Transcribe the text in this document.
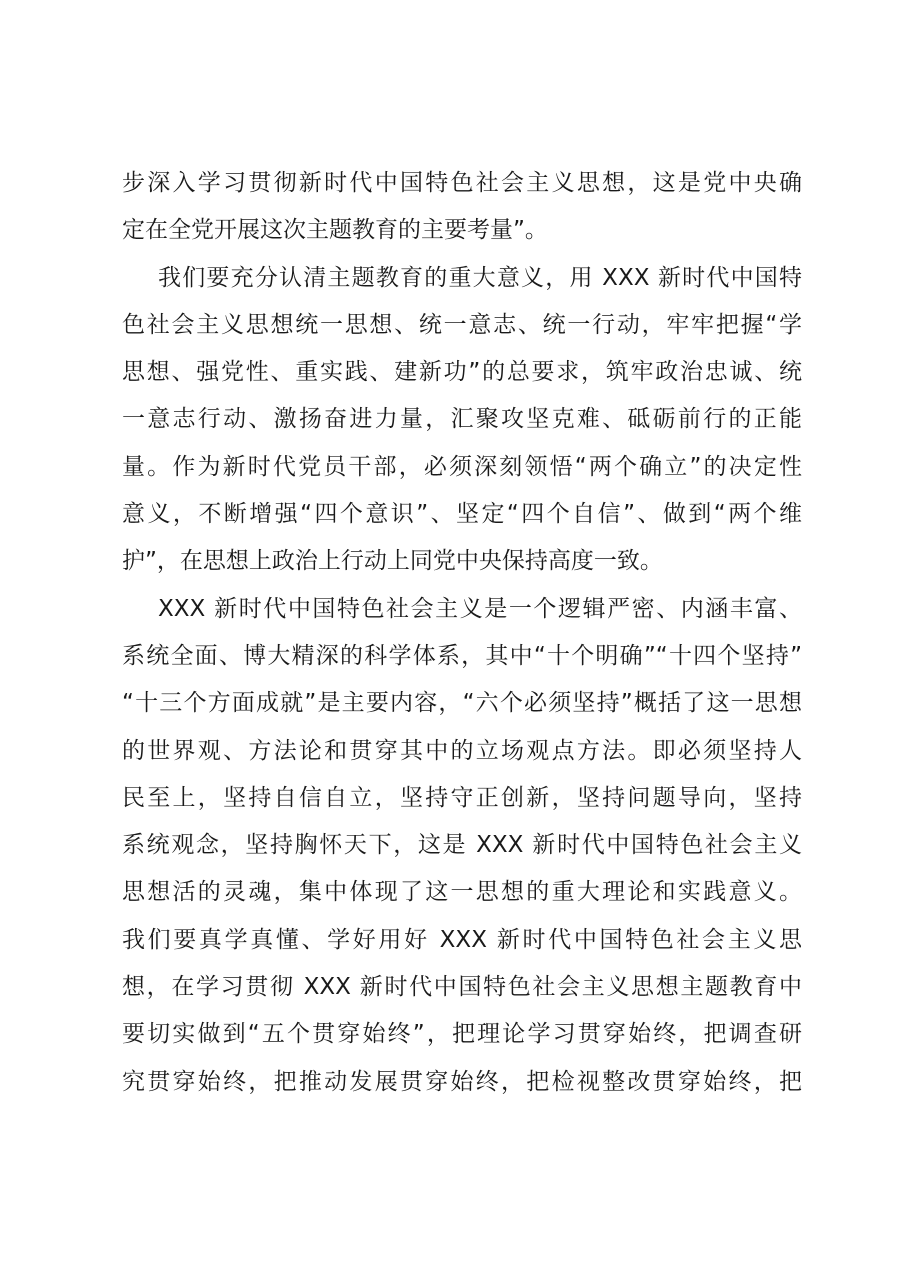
步深入学习贯彻新时代中国特色社会主义思想，这是党中央确
定在全党开展这次主题教育的主要考量”。
我们要充分认清主题教育的重大意义，用 XXX 新时代中国特
色社会主义思想统一思想、统一意志、统一行动，牢牢把握“学
思想、强党性、重实践、建新功”的总要求，筑牢政治忠诚、统
一意志行动、激扬奋进力量，汇聚攻坚克难、砥砺前行的正能
量。作为新时代党员干部，必须深刻领悟“两个确立”的决定性
意义，不断增强“四个意识”、坚定“四个自信”、做到“两个维
护”，在思想上政治上行动上同党中央保持高度一致。
XXX 新时代中国特色社会主义是一个逻辑严密、内涵丰富、
系统全面、博大精深的科学体系，其中“十个明确”“十四个坚持”
“十三个方面成就”是主要内容，“六个必须坚持”概括了这一思想
的世界观、方法论和贯穿其中的立场观点方法。即必须坚持人
民至上，坚持自信自立，坚持守正创新，坚持问题导向，坚持
系统观念，坚持胸怀天下，这是 XXX 新时代中国特色社会主义
思想活的灵魂，集中体现了这一思想的重大理论和实践意义。
我们要真学真懂、学好用好 XXX 新时代中国特色社会主义思
想，在学习贯彻 XXX 新时代中国特色社会主义思想主题教育中
要切实做到“五个贯穿始终”，把理论学习贯穿始终，把调查研
究贯穿始终，把推动发展贯穿始终，把检视整改贯穿始终，把
